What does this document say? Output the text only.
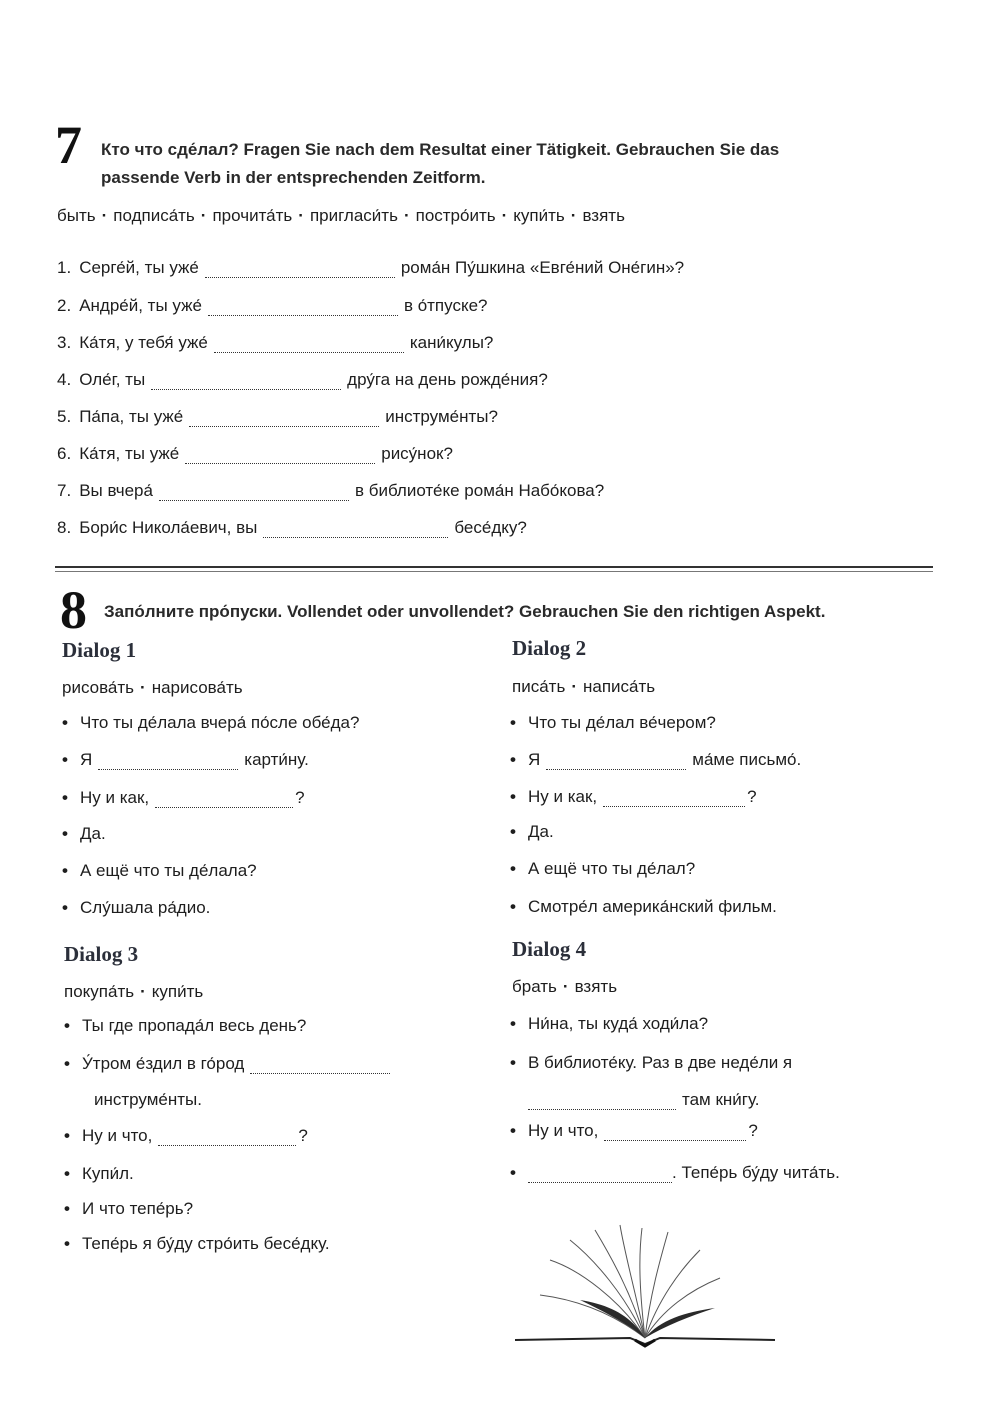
7 Кто что сде́лал? Fragen Sie nach dem Resultat einer Tätigkeit. Gebrauchen Sie das
passende Verb in der entsprechenden Zeitform.
быть · подписа́ть · прочита́ть · пригласи́ть · постро́ить · купи́ть · взять
1. Серге́й, ты уже́	рома́н Пу́шкина «Евге́ний Оне́гин»?
2. Андре́й, ты уже́	в о́тпуске?
3. Ка́тя, у тебя́ уже́	кани́кулы?
4. Оле́г, ты	дру́га на день рожде́ния?
5. Па́па, ты уже́	инструме́нты?
6. Ка́тя, ты уже́	рису́нок?
7. Вы вчера́	в библиоте́ке рома́н Набо́кова?
8. Бори́с Никола́евич, вы	бесе́дку?
8 Запо́лните про́пуски. Vollendet oder unvollendet? Gebrauchen Sie den richtigen Aspekt.
Dialog 1
рисова́ть · нарисова́ть
• Что ты де́лала вчера́ по́сле обе́да?
• Я	карти́ну.
• Ну и как,	?
• Да.
• А ещё что ты де́лала?
• Слу́шала ра́дио.
Dialog 2
писа́ть · написа́ть
• Что ты де́лал ве́чером?
• Я	ма́ме письмо́.
• Ну и как,	?
• Да.
• А ещё что ты де́лал?
• Смотре́л америка́нский фильм.
Dialog 3
покупа́ть · купи́ть
• Ты где пропада́л весь день?
• У́тром е́здил в го́род
инструме́нты.
• Ну и что,	?
• Купи́л.
• И что тепе́рь?
• Тепе́рь я бу́ду стро́ить бесе́дку.
Dialog 4
брать · взять
• Ни́на, ты куда́ ходи́ла?
• В библиоте́ку. Раз в две неде́ли я
там кни́гу.
• Ну и что,	?
•	. Тепе́рь бу́ду чита́ть.
